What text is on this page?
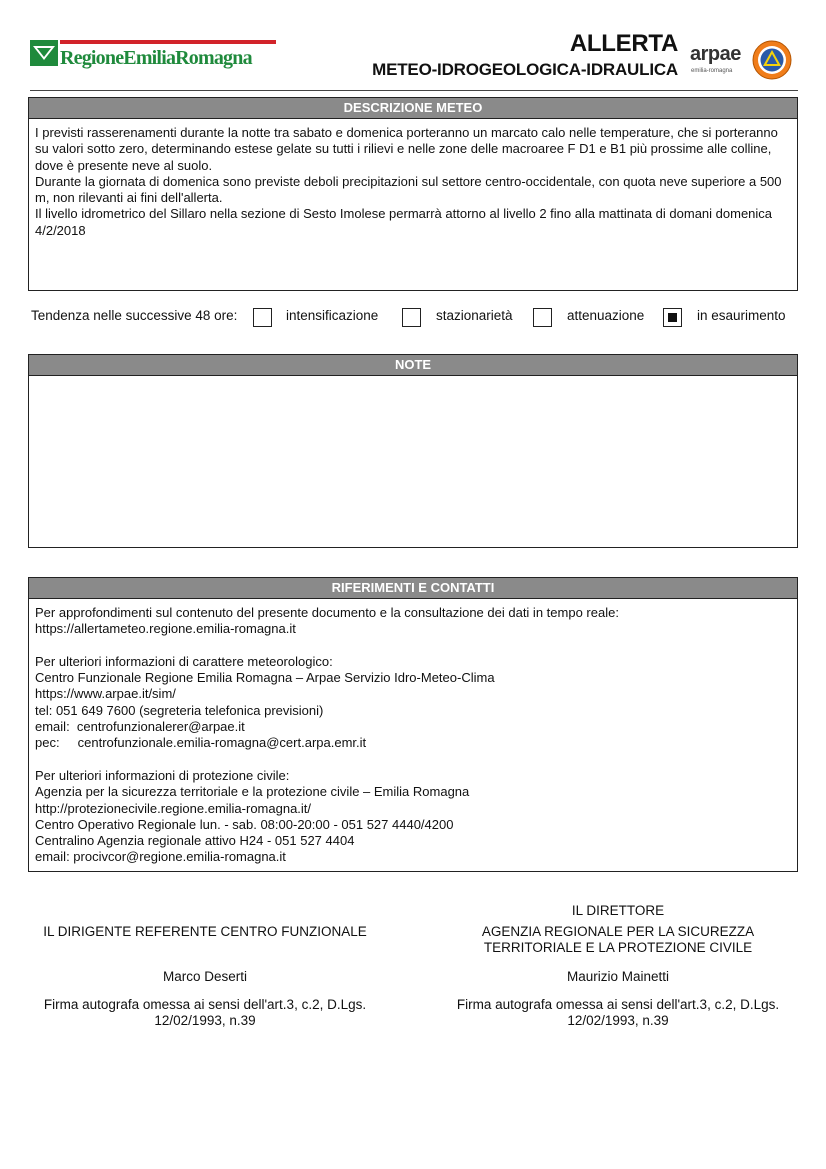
RegioneEmiliaRomagna
ALLERTA
METEO-IDROGEOLOGICA-IDRAULICA
arpae
emilia-romagna
DESCRIZIONE METEO
I previsti rasserenamenti durante la notte tra sabato e domenica porteranno un marcato calo nelle temperature, che si porteranno su valori sotto zero, determinando estese gelate su tutti i rilievi e nelle zone delle macroaree F D1 e B1 più prossime alle colline, dove è presente neve al suolo.
Durante la giornata di domenica sono previste deboli precipitazioni sul settore centro-occidentale, con quota neve superiore a 500 m, non rilevanti ai fini dell'allerta.
Il livello idrometrico del Sillaro nella sezione di Sesto Imolese permarrà attorno al livello 2 fino alla mattinata di domani domenica 4/2/2018
Tendenza nelle successive 48 ore:	intensificazione	stazionarietà	attenuazione	in esaurimento
NOTE
RIFERIMENTI E CONTATTI
Per approfondimenti sul contenuto del presente documento e la consultazione dei dati in tempo reale:
https://allertameteo.regione.emilia-romagna.it

Per ulteriori informazioni di carattere meteorologico:
Centro Funzionale Regione Emilia Romagna – Arpae Servizio Idro-Meteo-Clima
https://www.arpae.it/sim/
tel: 051 649 7600 (segreteria telefonica previsioni)
email:  centrofunzionalerer@arpae.it
pec:     centrofunzionale.emilia-romagna@cert.arpa.emr.it

Per ulteriori informazioni di protezione civile:
Agenzia per la sicurezza territoriale e la protezione civile – Emilia Romagna
http://protezionecivile.regione.emilia-romagna.it/
Centro Operativo Regionale lun. - sab. 08:00-20:00 - 051 527 4440/4200
Centralino Agenzia regionale attivo H24 - 051 527 4404
email: procivcor@regione.emilia-romagna.it
IL DIRIGENTE REFERENTE CENTRO FUNZIONALE
Marco Deserti
Firma autografa omessa ai sensi dell'art.3, c.2, D.Lgs.
12/02/1993, n.39
IL DIRETTORE
AGENZIA REGIONALE PER LA SICUREZZA
TERRITORIALE E LA PROTEZIONE CIVILE
Maurizio Mainetti
Firma autografa omessa ai sensi dell'art.3, c.2, D.Lgs.
12/02/1993, n.39
